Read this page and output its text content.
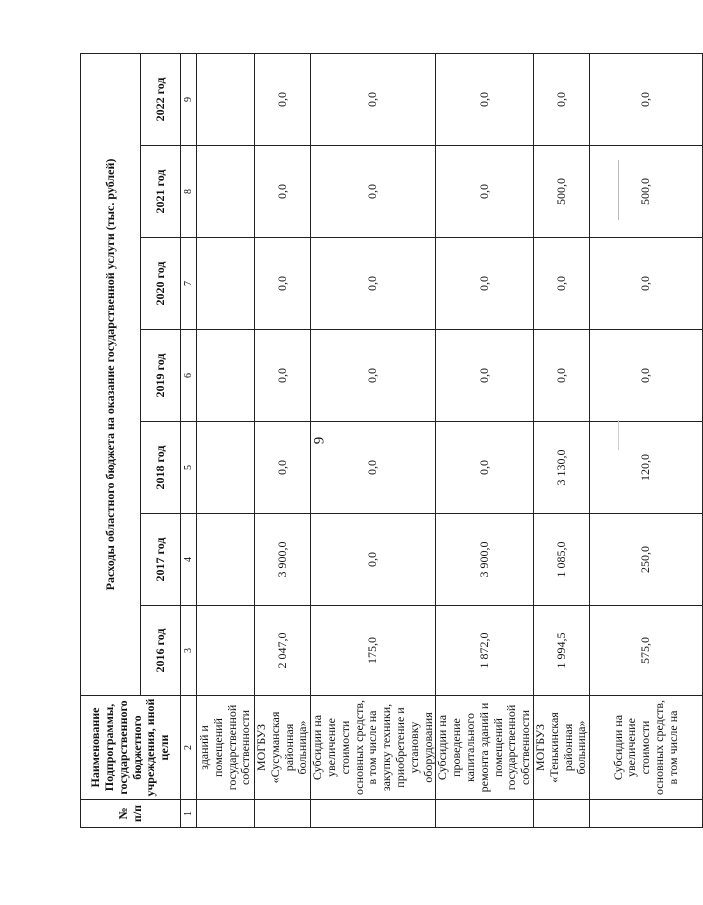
9
№ п/п	Наименование Подпрограммы, государственного бюджетного учреждения, иной цели	Расходы областного бюджета на оказание государственной услуги (тыс. рублей)						
		2016 год	2017 год	2018 год	2019 год	2020 год	2021 год	2022 год
1	2	3	4	5	6	7	8	9
	зданий и помещений государственной собственности							
	МОГБУЗ «Сусуманская районная больница»	2 047,0	3 900,0	0,0	0,0	0,0	0,0	0,0
	Субсидии на увеличение стоимости основных средств, в том числе на закупку техники, приобретение и установку оборудования	175,0	0,0	0,0	0,0	0,0	0,0	0,0
	Субсидии на проведение капитального ремонта зданий и помещений государственной собственности	1 872,0	3 900,0	0,0	0,0	0,0	0,0	0,0
	МОГБУЗ «Тенькинская районная больница»	1 994,5	1 085,0	3 130,0	0,0	0,0	500,0	0,0
	Субсидии на увеличение стоимости основных средств, в том числе на	575,0	250,0	120,0	0,0	0,0	500,0	0,0
